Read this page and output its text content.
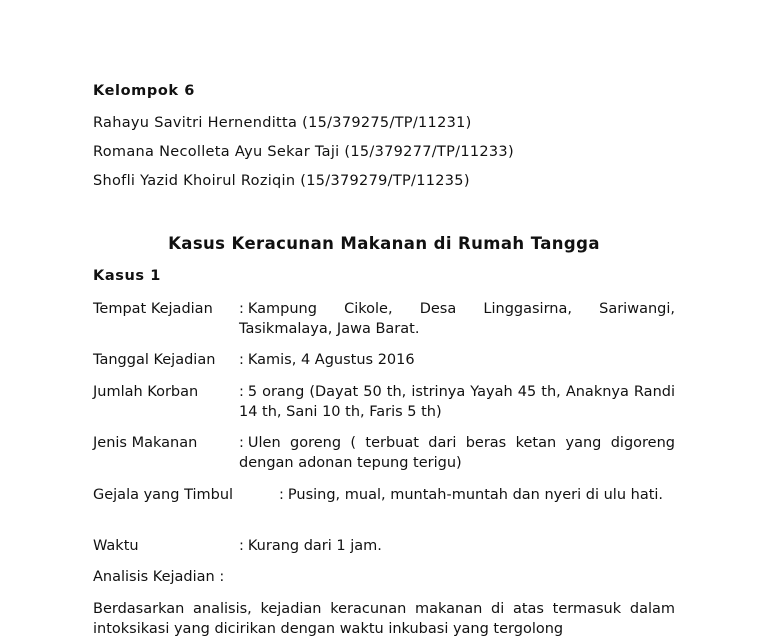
Kelompok 6
Rahayu Savitri Hernenditta (15/379275/TP/11231)
Romana Necolleta Ayu Sekar Taji (15/379277/TP/11233)
Shofli Yazid Khoirul Roziqin (15/379279/TP/11235)
Kasus Keracunan Makanan di Rumah Tangga
Kasus 1
Tempat Kejadian : Kampung Cikole, Desa Linggasirna, Sariwangi, Tasikmalaya, Jawa Barat.
Tanggal Kejadian : Kamis, 4 Agustus 2016
Jumlah Korban	: 5 orang (Dayat 50 th, istrinya Yayah 45 th, Anaknya Randi 14 th, Sani 10 th, Faris 5 th)
Jenis Makanan	: Ulen goreng ( terbuat dari beras ketan yang digoreng dengan adonan tepung terigu)
Gejala yang Timbul	: Pusing, mual, muntah-muntah dan nyeri di ulu hati.
Waktu	: Kurang dari 1 jam.
Analisis Kejadian :
Berdasarkan analisis, kejadian keracunan makanan di atas termasuk dalam intoksikasi yang dicirikan dengan waktu inkubasi yang tergolong
